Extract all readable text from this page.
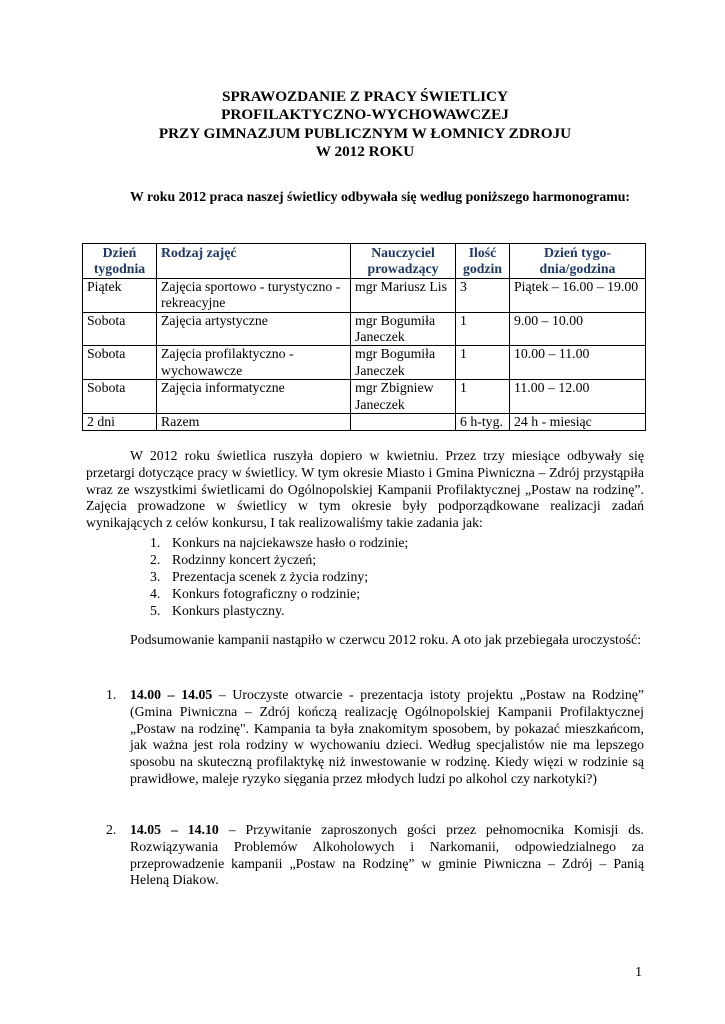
SPRAWOZDANIE Z PRACY ŚWIETLICY
PROFILAKTYCZNO-WYCHOWAWCZEJ
PRZY GIMNAZJUM PUBLICZNYM W ŁOMNICY ZDROJU
W 2012 ROKU
W roku 2012 praca naszej świetlicy odbywała się według poniższego harmonogramu:
Dzień tygodnia	Rodzaj zajęć	Nauczyciel prowadzący	Ilość godzin	Dzień tygo-dnia/godzina
Piątek	Zajęcia sportowo - turystyczno - rekreacyjne	mgr Mariusz Lis	3	Piątek – 16.00 – 19.00
Sobota	Zajęcia artystyczne	mgr Bogumiła Janeczek	1	9.00 – 10.00
Sobota	Zajęcia profilaktyczno - wychowawcze	mgr Bogumiła Janeczek	1	10.00 – 11.00
Sobota	Zajęcia informatyczne	mgr Zbigniew Janeczek	1	11.00 – 12.00
2 dni	Razem		6 h-tyg.	24 h - miesiąc
W 2012 roku świetlica ruszyła dopiero w kwietniu. Przez trzy miesiące odbywały się przetargi dotyczące pracy w świetlicy. W tym okresie Miasto i Gmina Piwniczna – Zdrój przystąpiła wraz ze wszystkimi świetlicami do Ogólnopolskiej Kampanii Profilaktycznej „Postaw na rodzinę”. Zajęcia prowadzone w świetlicy w tym okresie były podporządkowane realizacji zadań wynikających z celów konkursu, I tak realizowaliśmy takie zadania jak:
1. Konkurs na najciekawsze hasło o rodzinie;
2. Rodzinny koncert życzeń;
3. Prezentacja scenek z życia rodziny;
4. Konkurs fotograficzny o rodzinie;
5. Konkurs plastyczny.
Podsumowanie kampanii nastąpiło w czerwcu 2012 roku. A oto jak przebiegała uroczystość:
1. 14.00 – 14.05 – Uroczyste otwarcie - prezentacja istoty projektu „Postaw na Rodzinę” (Gmina Piwniczna – Zdrój kończą realizację Ogólnopolskiej Kampanii Profilaktycznej „Postaw na rodzinę". Kampania ta była znakomitym sposobem, by pokazać mieszkańcom, jak ważna jest rola rodziny w wychowaniu dzieci. Według specjalistów nie ma lepszego sposobu na skuteczną profilaktykę niż inwestowanie w rodzinę. Kiedy więzi w rodzinie są prawidłowe, maleje ryzyko sięgania przez młodych ludzi po alkohol czy narkotyki?)
2. 14.05 – 14.10 – Przywitanie zaproszonych gości przez pełnomocnika Komisji ds. Rozwiązywania Problemów Alkoholowych i Narkomanii, odpowiedzialnego za przeprowadzenie kampanii „Postaw na Rodzinę” w gminie Piwniczna – Zdrój – Panią Heleną Diakow.
1
